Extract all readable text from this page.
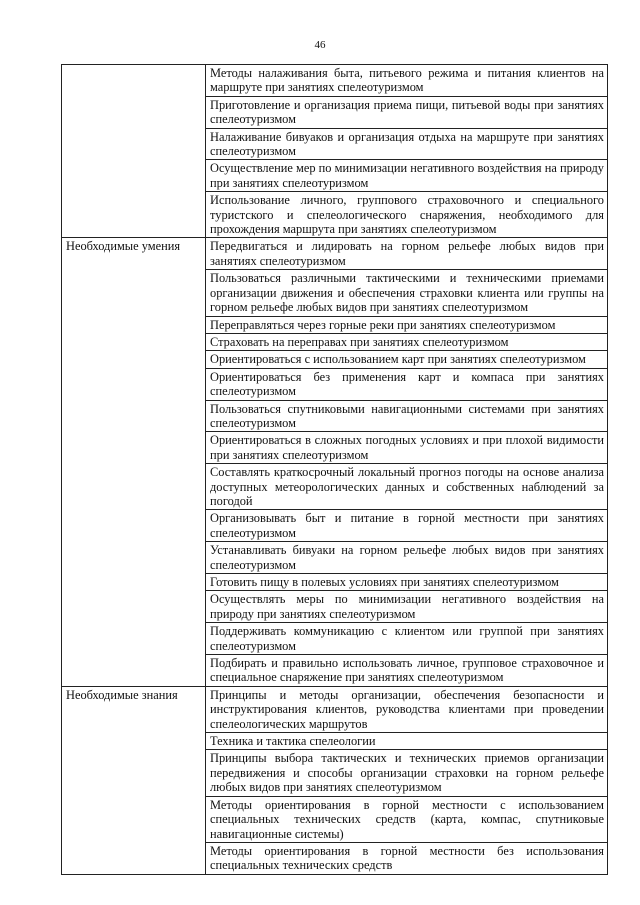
46
	Методы налаживания быта, питьевого режима и питания клиентов на маршруте при занятиях спелеотуризмом
	Приготовление и организация приема пищи, питьевой воды при занятиях спелеотуризмом
	Налаживание бивуаков и организация отдыха на маршруте при занятиях спелеотуризмом
	Осуществление мер по минимизации негативного воздействия на природу при занятиях спелеотуризмом
	Использование личного, группового страховочного и специального туристского и спелеологического снаряжения, необходимого для прохождения маршрута при занятиях спелеотуризмом
Необходимые умения	Передвигаться и лидировать на горном рельефе любых видов при занятиях спелеотуризмом
	Пользоваться различными тактическими и техническими приемами организации движения и обеспечения страховки клиента или группы на горном рельефе любых видов при занятиях спелеотуризмом
	Переправляться через горные реки при занятиях спелеотуризмом
	Страховать на переправах при занятиях спелеотуризмом
	Ориентироваться с использованием карт при занятиях спелеотуризмом
	Ориентироваться без применения карт и компаса при занятиях спелеотуризмом
	Пользоваться спутниковыми навигационными системами при занятиях спелеотуризмом
	Ориентироваться в сложных погодных условиях и при плохой видимости при занятиях спелеотуризмом
	Составлять краткосрочный локальный прогноз погоды на основе анализа доступных метеорологических данных и собственных наблюдений за погодой
	Организовывать быт и питание в горной местности при занятиях спелеотуризмом
	Устанавливать бивуаки на горном рельефе любых видов при занятиях спелеотуризмом
	Готовить пищу в полевых условиях при занятиях спелеотуризмом
	Осуществлять меры по минимизации негативного воздействия на природу при занятиях спелеотуризмом
	Поддерживать коммуникацию с клиентом или группой при занятиях спелеотуризмом
	Подбирать и правильно использовать личное, групповое страховочное и специальное снаряжение при занятиях спелеотуризмом
Необходимые знания	Принципы и методы организации, обеспечения безопасности и инструктирования клиентов, руководства клиентами при проведении спелеологических маршрутов
	Техника и тактика спелеологии
	Принципы выбора тактических и технических приемов организации передвижения и способы организации страховки на горном рельефе любых видов при занятиях спелеотуризмом
	Методы ориентирования в горной местности с использованием специальных технических средств (карта, компас, спутниковые навигационные системы)
	Методы ориентирования в горной местности без использования специальных технических средств
